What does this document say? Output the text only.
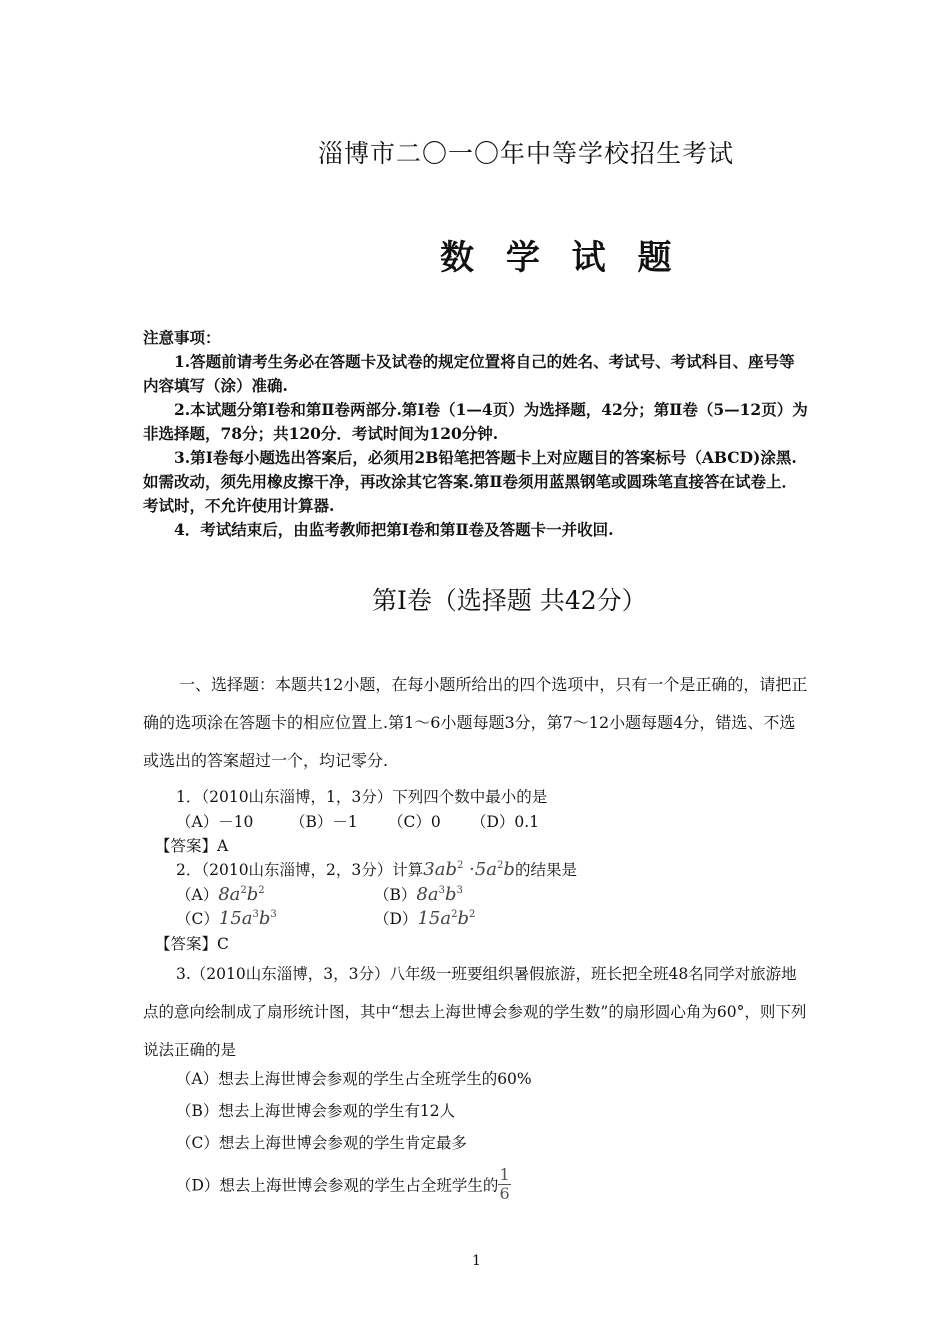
淄博市二〇一〇年中等学校招生考试
数 学 试 题
注意事项：
1.答题前请考生务必在答题卡及试卷的规定位置将自己的姓名、考试号、考试科目、座号等内容填写（涂）准确.
2.本试题分第Ⅰ卷和第Ⅱ卷两部分.第Ⅰ卷（1—4页）为选择题，42分；第Ⅱ卷（5—12页）为非选择题，78分；共120分．考试时间为120分钟.
3.第Ⅰ卷每小题选出答案后，必须用2B铅笔把答题卡上对应题目的答案标号（ABCD)涂黑.如需改动，须先用橡皮擦干净，再改涂其它答案.第Ⅱ卷须用蓝黑钢笔或圆珠笔直接答在试卷上．考试时，不允许使用计算器.
4．考试结束后，由监考教师把第Ⅰ卷和第Ⅱ卷及答题卡一并收回.
第Ⅰ卷（选择题 共42分）
一、选择题：本题共12小题，在每小题所给出的四个选项中，只有一个是正确的，请把正确的选项涂在答题卡的相应位置上.第1～6小题每题3分，第7～12小题每题4分，错选、不选或选出的答案超过一个，均记零分.
1．（2010山东淄博，1，3分）下列四个数中最小的是
（A）－10 （B）－1 （C）0 （D）0.1
【答案】A
2．（2010山东淄博，2，3分）计算$3ab^2 \cdot 5a^2b$的结果是
$(A)8a^2b^2$	$(B)8a^3b^3$
$(C)15a^3b^3$	$(D)15a^2b^2$
【答案】C
3.（2010山东淄博，3，3分）八年级一班要组织暑假旅游，班长把全班48名同学对旅游地点的意向绘制成了扇形统计图，其中“想去上海世博会参观的学生数”的扇形圆心角为60°，则下列说法正确的是
（A）想去上海世博会参观的学生占全班学生的60%
（B）想去上海世博会参观的学生有12人
（C）想去上海世博会参观的学生肯定最多
（D）想去上海世博会参观的学生占全班学生的 $\frac{1}{6}$
1
